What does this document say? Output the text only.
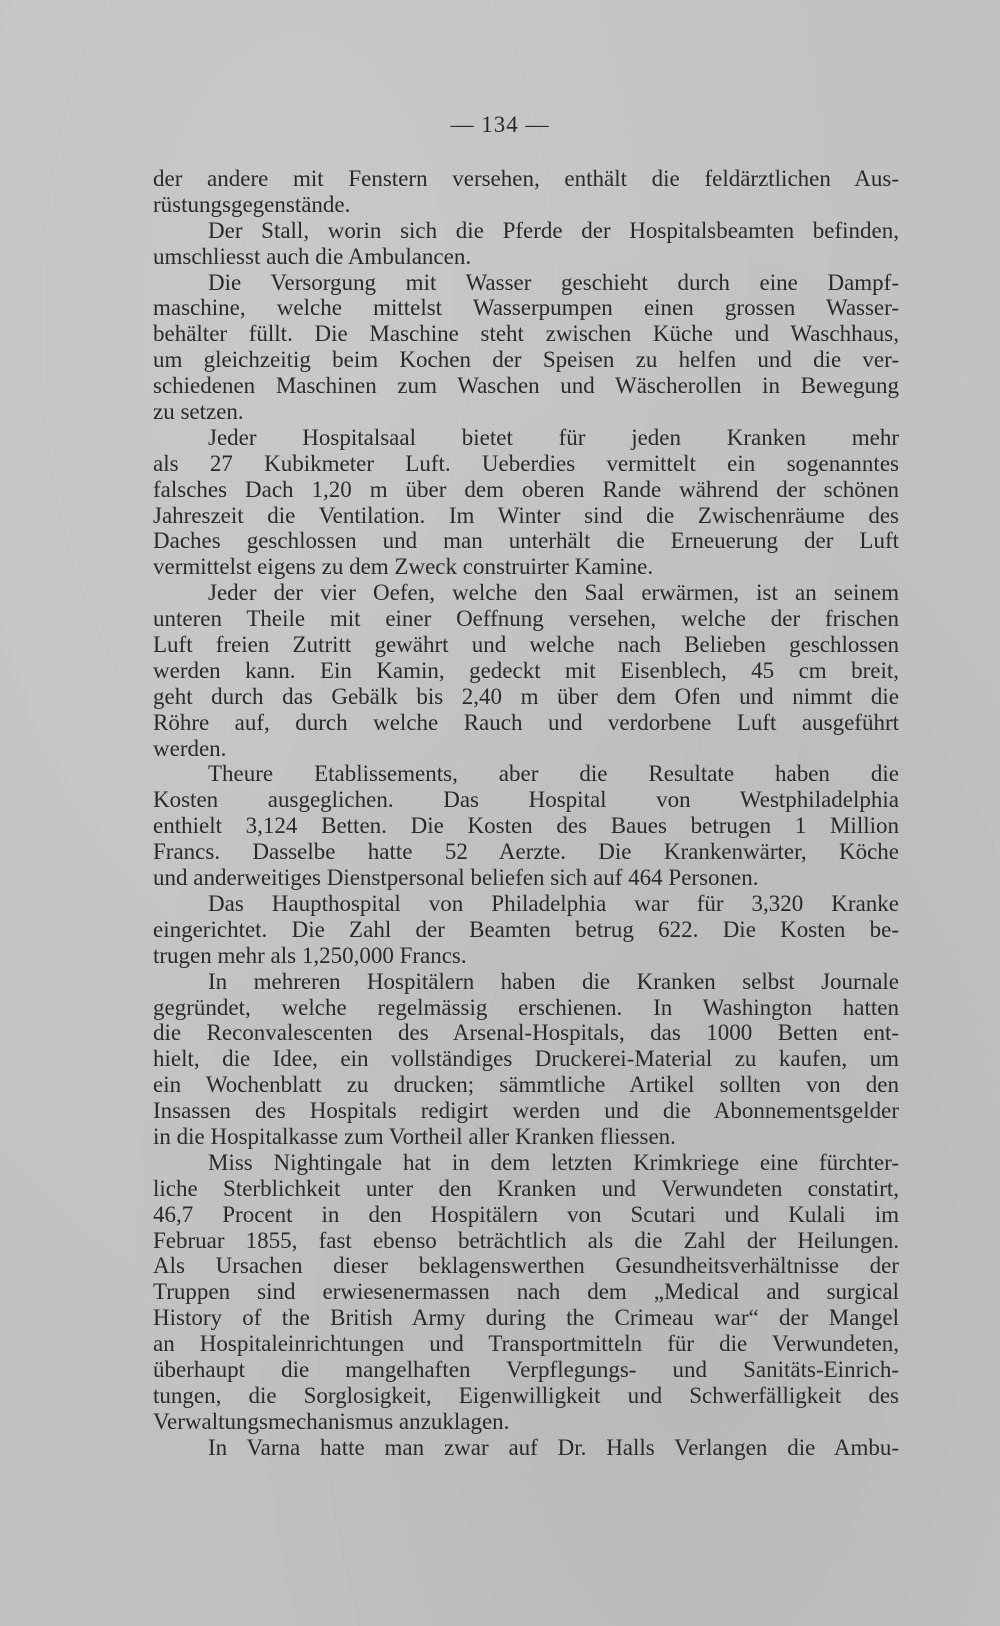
— 134 —
der andere mit Fenstern versehen, enthält die feldärztlichen Aus-
rüstungsgegenstände.
Der Stall, worin sich die Pferde der Hospitalsbeamten befinden,
umschliesst auch die Ambulancen.
Die Versorgung mit Wasser geschieht durch eine Dampf-
maschine, welche mittelst Wasserpumpen einen grossen Wasser-
behälter füllt. Die Maschine steht zwischen Küche und Waschhaus,
um gleichzeitig beim Kochen der Speisen zu helfen und die ver-
schiedenen Maschinen zum Waschen und Wäscherollen in Bewegung
zu setzen.
Jeder Hospitalsaal bietet für jeden Kranken mehr
als 27 Kubikmeter Luft. Ueberdies vermittelt ein sogenanntes
falsches Dach 1,20 m über dem oberen Rande während der schönen
Jahreszeit die Ventilation. Im Winter sind die Zwischenräume des
Daches geschlossen und man unterhält die Erneuerung der Luft
vermittelst eigens zu dem Zweck construirter Kamine.
Jeder der vier Oefen, welche den Saal erwärmen, ist an seinem
unteren Theile mit einer Oeffnung versehen, welche der frischen
Luft freien Zutritt gewährt und welche nach Belieben geschlossen
werden kann. Ein Kamin, gedeckt mit Eisenblech, 45 cm breit,
geht durch das Gebälk bis 2,40 m über dem Ofen und nimmt die
Röhre auf, durch welche Rauch und verdorbene Luft ausgeführt
werden.
Theure Etablissements, aber die Resultate haben die
Kosten ausgeglichen. Das Hospital von Westphiladelphia
enthielt 3,124 Betten. Die Kosten des Baues betrugen 1 Million
Francs. Dasselbe hatte 52 Aerzte. Die Krankenwärter, Köche
und anderweitiges Dienstpersonal beliefen sich auf 464 Personen.
Das Haupthospital von Philadelphia war für 3,320 Kranke
eingerichtet. Die Zahl der Beamten betrug 622. Die Kosten be-
trugen mehr als 1,250,000 Francs.
In mehreren Hospitälern haben die Kranken selbst Journale
gegründet, welche regelmässig erschienen. In Washington hatten
die Reconvalescenten des Arsenal-Hospitals, das 1000 Betten ent-
hielt, die Idee, ein vollständiges Druckerei-Material zu kaufen, um
ein Wochenblatt zu drucken; sämmtliche Artikel sollten von den
Insassen des Hospitals redigirt werden und die Abonnementsgelder
in die Hospitalkasse zum Vortheil aller Kranken fliessen.
Miss Nightingale hat in dem letzten Krimkriege eine fürchter-
liche Sterblichkeit unter den Kranken und Verwundeten constatirt,
46,7 Procent in den Hospitälern von Scutari und Kulali im
Februar 1855, fast ebenso beträchtlich als die Zahl der Heilungen.
Als Ursachen dieser beklagenswerthen Gesundheitsverhältnisse der
Truppen sind erwiesenermassen nach dem „Medical and surgical
History of the British Army during the Crimeau war“ der Mangel
an Hospitaleinrichtungen und Transportmitteln für die Verwundeten,
überhaupt die mangelhaften Verpflegungs- und Sanitäts-Einrich-
tungen, die Sorglosigkeit, Eigenwilligkeit und Schwerfälligkeit des
Verwaltungsmechanismus anzuklagen.
In Varna hatte man zwar auf Dr. Halls Verlangen die Ambu-
